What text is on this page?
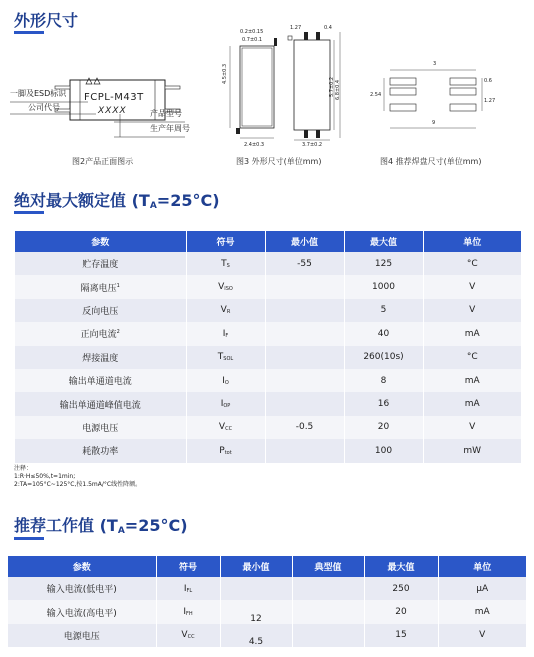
外形尺寸
一脚及ESD标识
公司代号
FCPL-M43T
XXXX	产品型号
生产年周号
图2产品正面图示
0.2±0.15
0.7±0.1
1.27	0.4
4.5±0.3
5.7±0.2 6.8±0.4
2.4±0.3	3.7±0.2
图3 外形尺寸(单位mm)
3
0.6
2.54
1.27
9
图4 推荐焊盘尺寸(单位mm)
绝对最大额定值 $(T_A=25^\circ C)$
参数	符号	最小值	最大值	单位
贮存温度	TS	-55	125	°C
隔离电压$^1$	VISO		1000	V
反向电压	VR		5	V
正向电流$^2$	IF		40	mA
焊接温度	TSOL		260(10s)	°C
输出单通道电流	IO		8	mA
输出单通道峰值电流	IOP		16	mA
电源电压	VCC	-0.5	20	V
耗散功率	Ptot		100	mW
注释：
1:R·H≤50%,t=1min;
2:TA=105°C~125°C,按1.5mA/°C线性降额。
推荐工作值 $(T_A=25^\circ C)$
参数	符号	最小值	典型值	最大值	单位
输入电流(低电平)	IFL			250	μA
输入电流(高电平)	IFH	12		20	mA
电源电压	VCC	4.5		15	V
